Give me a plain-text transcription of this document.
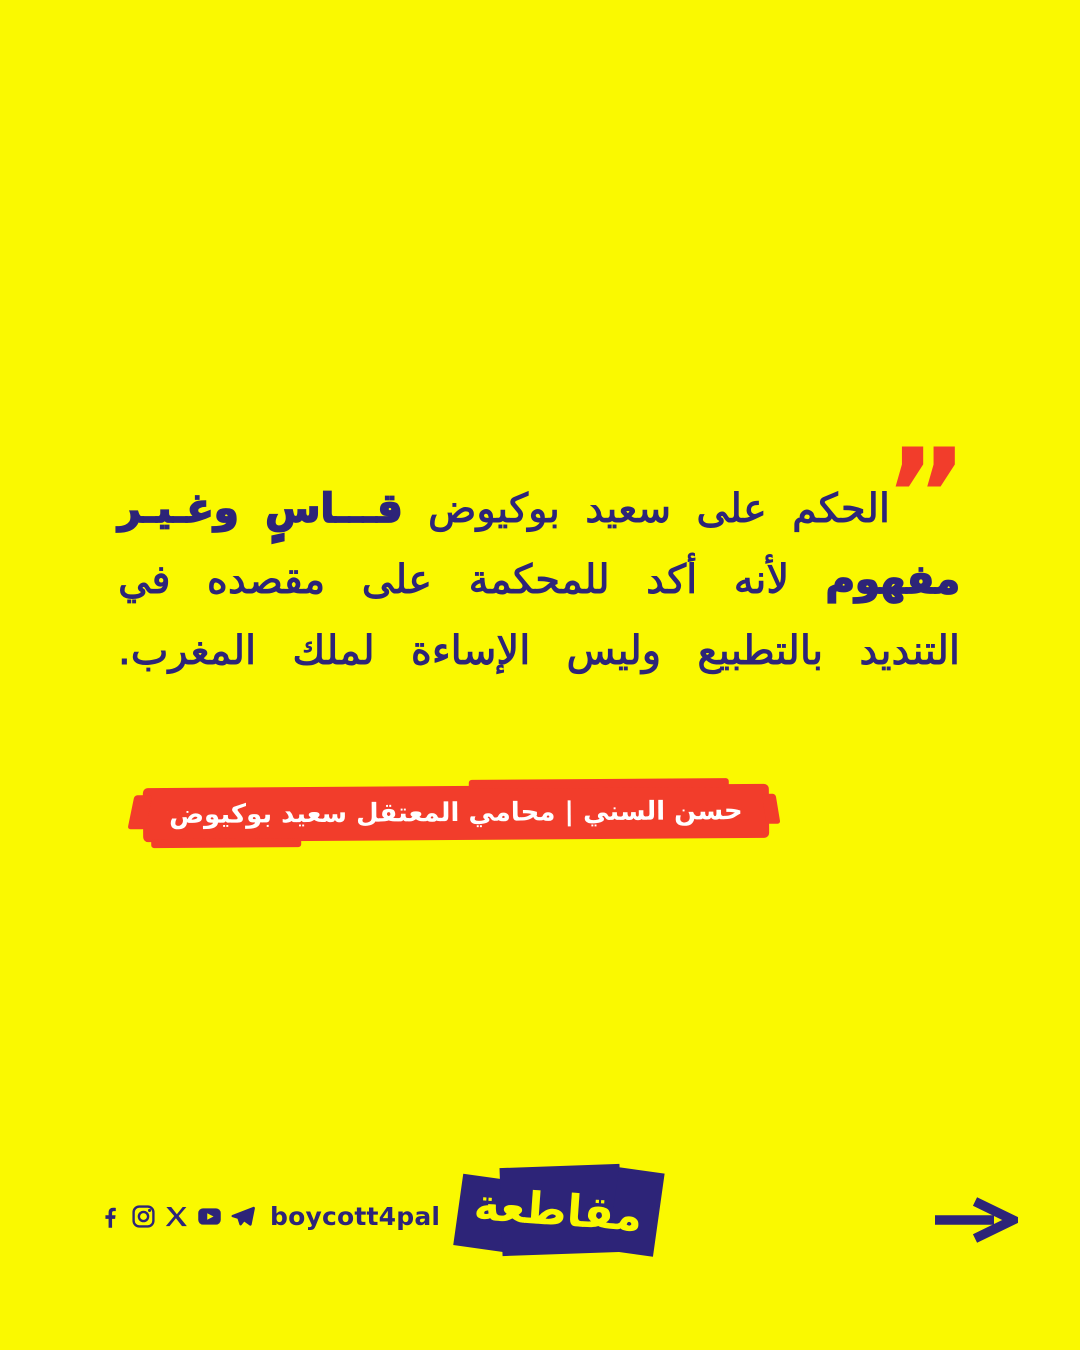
”

الحكم على سعيد بوكيوض قـــاسٍ وغـيـر

مفهوم لأنه أكد للمحكمة على مقصده في

التنديد بالتطبيع وليس الإساءة لملك المغرب.

حسن السني | محامي المعتقل سعيد بوكيوض
boycott4pal مقاطعة
